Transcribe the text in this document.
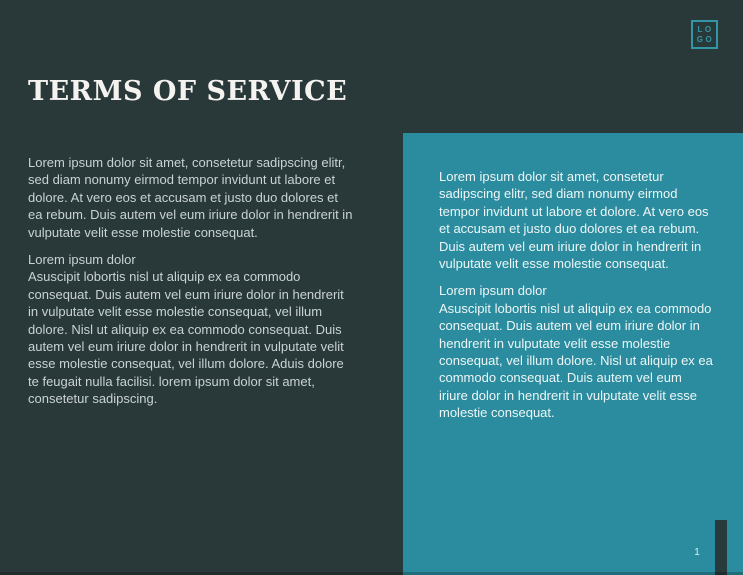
LO
GO
TERMS OF SERVICE

Lorem ipsum dolor sit amet, consetetur sadipscing elitr, sed diam nonumy eirmod tempor invidunt ut labore et dolore. At vero eos et accusam et justo duo dolores et ea rebum. Duis autem vel eum iriure dolor in hendrerit in vulputate velit esse molestie consequat.

Lorem ipsum dolor

Asuscipit lobortis nisl ut aliquip ex ea commodo consequat. Duis autem vel eum iriure dolor in hendrerit in vulputate velit esse molestie consequat, vel illum dolore. Nisl ut aliquip ex ea commodo consequat. Duis autem vel eum iriure dolor in hendrerit in vulputate velit esse molestie consequat, vel illum dolore. Aduis dolore te feugait nulla facilisi. lorem ipsum dolor sit amet, consetetur sadipscing.

Lorem ipsum dolor sit amet, consetetur sadipscing elitr, sed diam nonumy eirmod tempor invidunt ut labore et dolore. At vero eos et accusam et justo duo dolores et ea rebum. Duis autem vel eum iriure dolor in hendrerit in vulputate velit esse molestie consequat.

Lorem ipsum dolor

Asuscipit lobortis nisl ut aliquip ex ea commodo consequat. Duis autem vel eum iriure dolor in hendrerit in vulputate velit esse molestie consequat, vel illum dolore. Nisl ut aliquip ex ea commodo consequat. Duis autem vel eum iriure dolor in hendrerit in vulputate velit esse molestie consequat.

1
